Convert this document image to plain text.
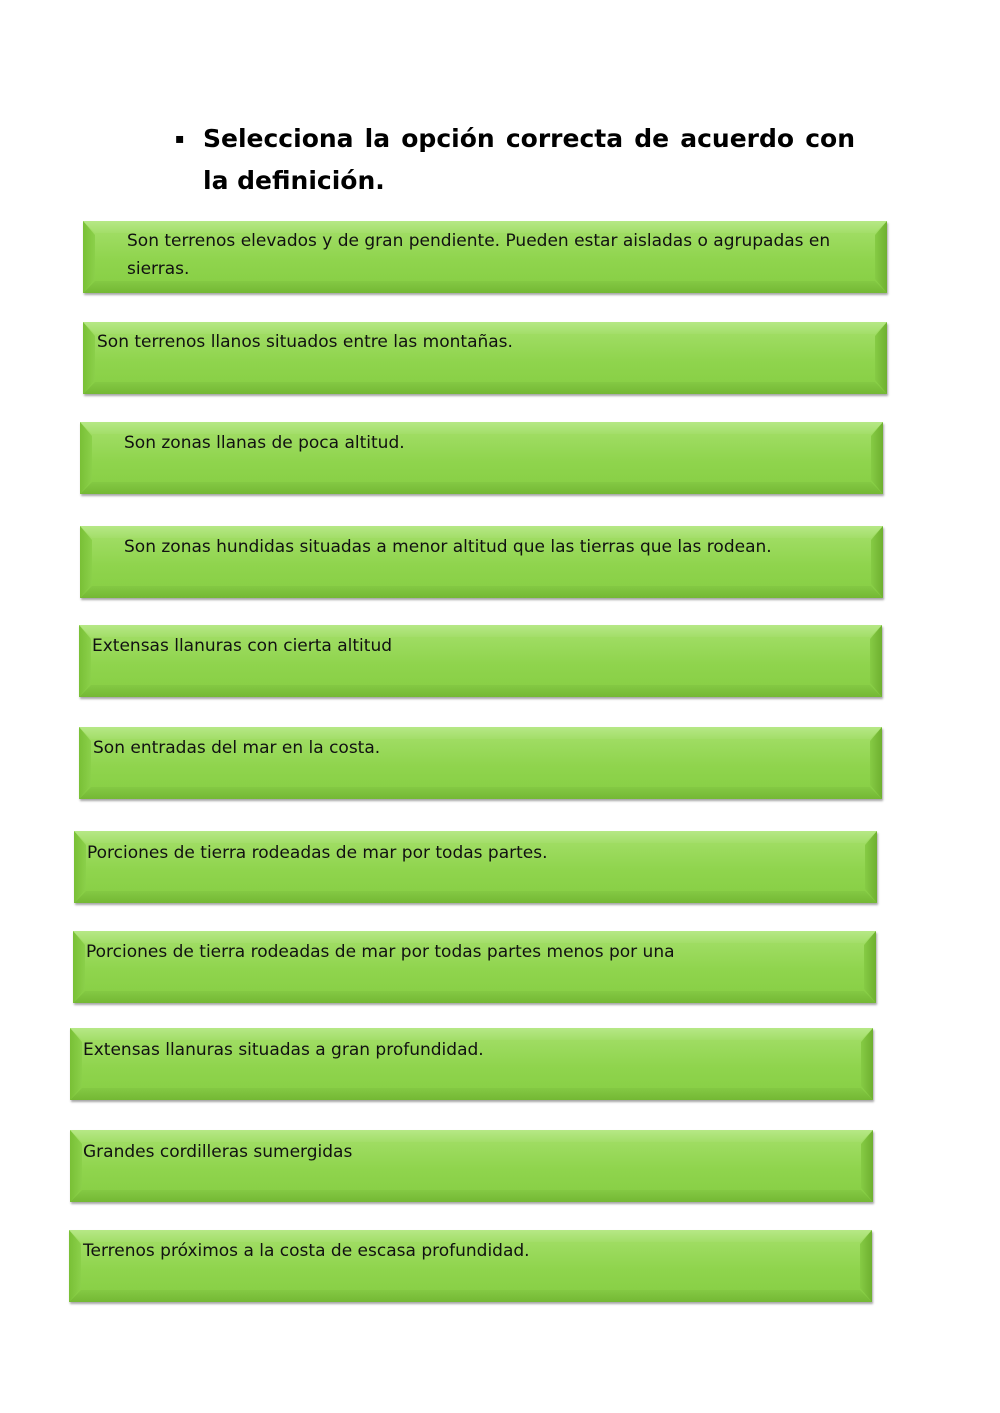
▪ Selecciona la opción correcta de acuerdo con la definición.
Son terrenos elevados y de gran pendiente. Pueden estar aisladas o agrupadas en sierras.
Son terrenos llanos situados entre las montañas.
Son zonas llanas de poca altitud.
Son zonas hundidas situadas a menor altitud que las tierras que las rodean.
Extensas llanuras con cierta altitud
Son entradas del mar en la costa.
Porciones de tierra rodeadas de mar por todas partes.
Porciones de tierra rodeadas de mar por todas partes menos por una
Extensas llanuras situadas a gran profundidad.
Grandes cordilleras sumergidas
Terrenos próximos a la costa de escasa profundidad.
